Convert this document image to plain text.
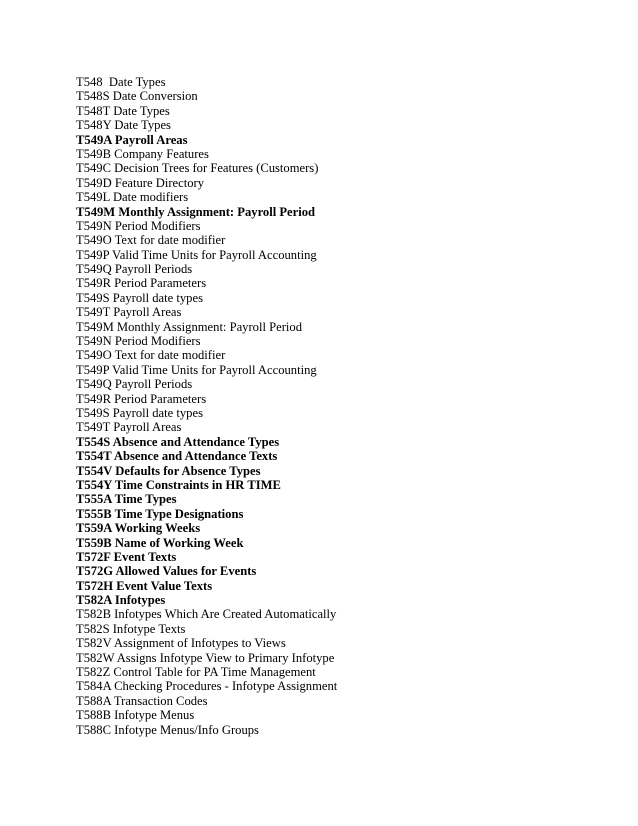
T548  Date Types
T548S Date Conversion
T548T Date Types
T548Y Date Types
T549A Payroll Areas
T549B Company Features
T549C Decision Trees for Features (Customers)
T549D Feature Directory
T549L Date modifiers
T549M Monthly Assignment: Payroll Period
T549N Period Modifiers
T549O Text for date modifier
T549P Valid Time Units for Payroll Accounting
T549Q Payroll Periods
T549R Period Parameters
T549S Payroll date types
T549T Payroll Areas
T549M Monthly Assignment: Payroll Period
T549N Period Modifiers
T549O Text for date modifier
T549P Valid Time Units for Payroll Accounting
T549Q Payroll Periods
T549R Period Parameters
T549S Payroll date types
T549T Payroll Areas
T554S Absence and Attendance Types
T554T Absence and Attendance Texts
T554V Defaults for Absence Types
T554Y Time Constraints in HR TIME
T555A Time Types
T555B Time Type Designations
T559A Working Weeks
T559B Name of Working Week
T572F Event Texts
T572G Allowed Values for Events
T572H Event Value Texts
T582A Infotypes
T582B Infotypes Which Are Created Automatically
T582S Infotype Texts
T582V Assignment of Infotypes to Views
T582W Assigns Infotype View to Primary Infotype
T582Z Control Table for PA Time Management
T584A Checking Procedures - Infotype Assignment
T588A Transaction Codes
T588B Infotype Menus
T588C Infotype Menus/Info Groups
